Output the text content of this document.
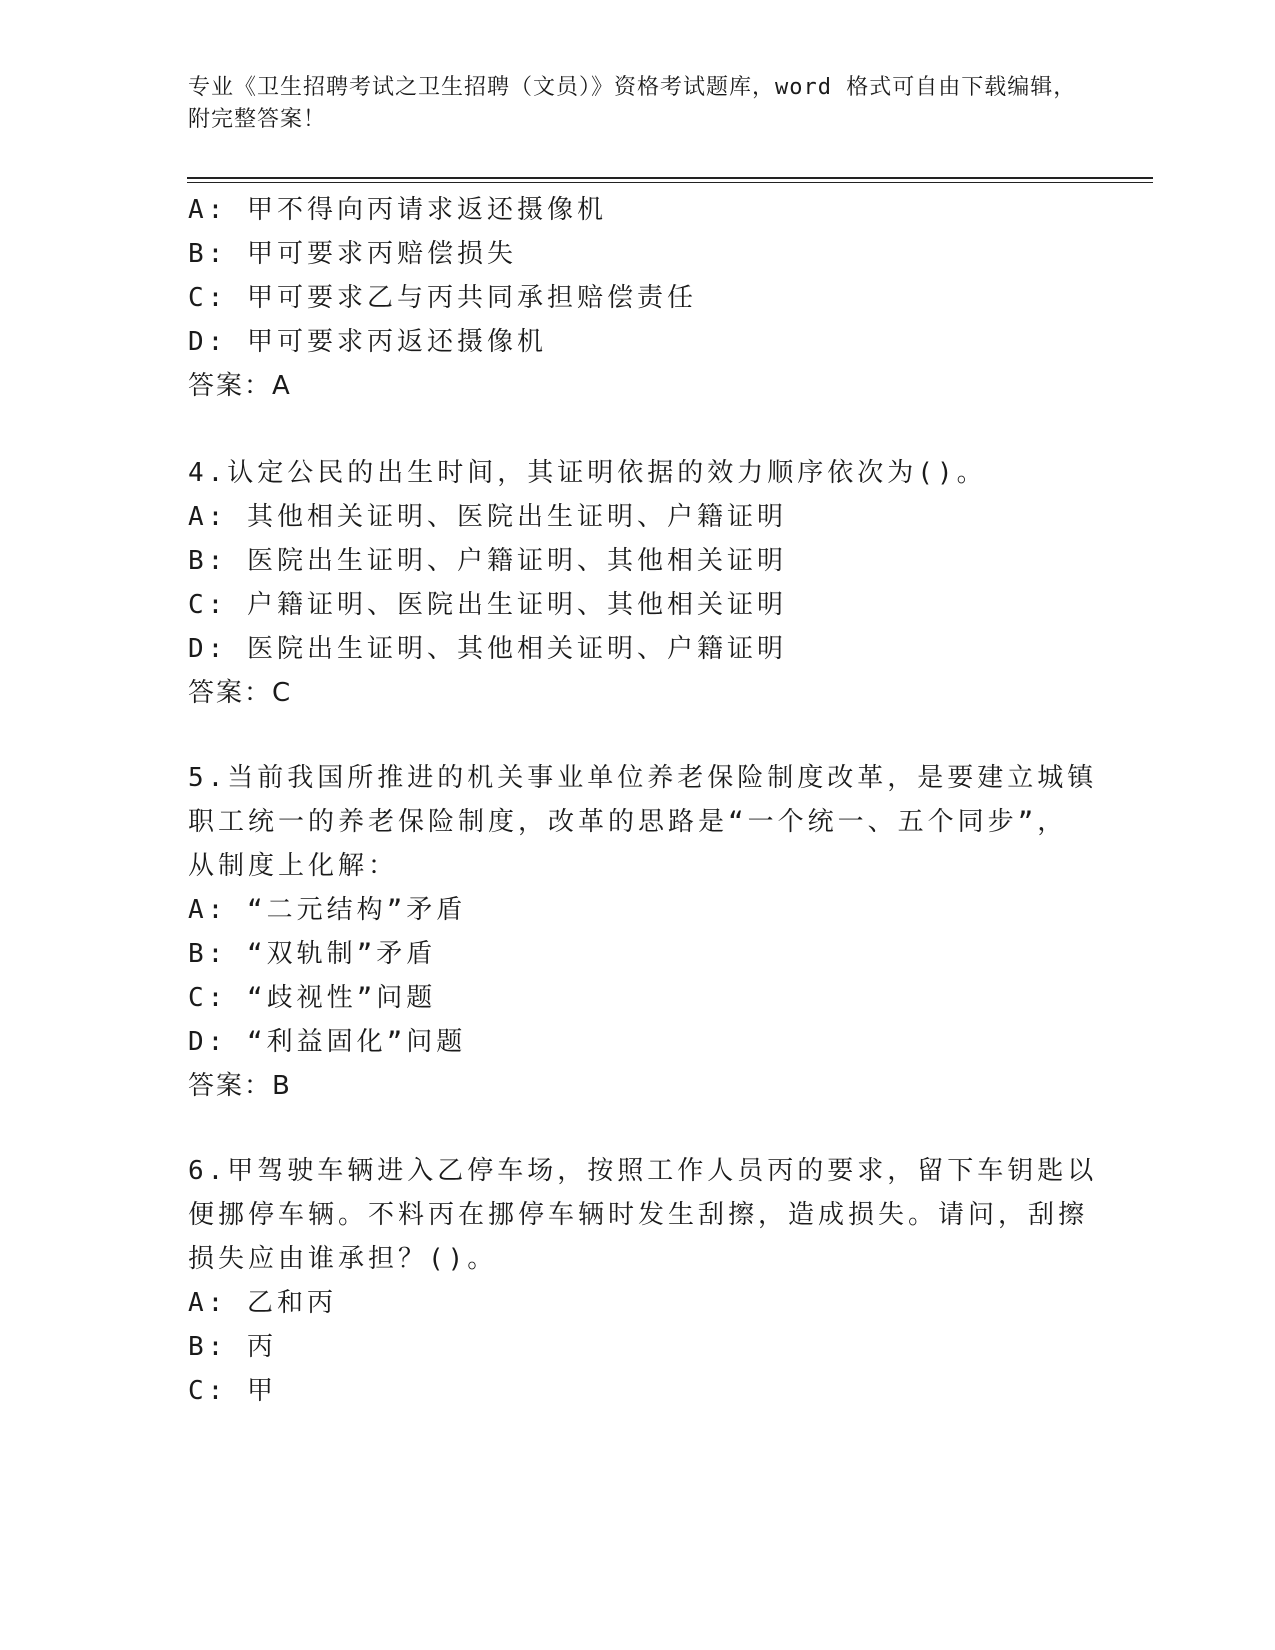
专业《卫生招聘考试之卫生招聘（文员）》资格考试题库，word 格式可自由下载编辑，附完整答案！
A: 甲不得向丙请求返还摄像机
B: 甲可要求丙赔偿损失
C: 甲可要求乙与丙共同承担赔偿责任
D: 甲可要求丙返还摄像机
答案：A
4.认定公民的出生时间，其证明依据的效力顺序依次为()。
A: 其他相关证明、医院出生证明、户籍证明
B: 医院出生证明、户籍证明、其他相关证明
C: 户籍证明、医院出生证明、其他相关证明
D: 医院出生证明、其他相关证明、户籍证明
答案：C
5.当前我国所推进的机关事业单位养老保险制度改革，是要建立城镇
职工统一的养老保险制度，改革的思路是“一个统一、五个同步”，
从制度上化解：
A: “二元结构”矛盾
B: “双轨制”矛盾
C: “歧视性”问题
D: “利益固化”问题
答案：B
6.甲驾驶车辆进入乙停车场，按照工作人员丙的要求，留下车钥匙以
便挪停车辆。不料丙在挪停车辆时发生刮擦，造成损失。请问，刮擦
损失应由谁承担？()。
A: 乙和丙
B: 丙
C: 甲
